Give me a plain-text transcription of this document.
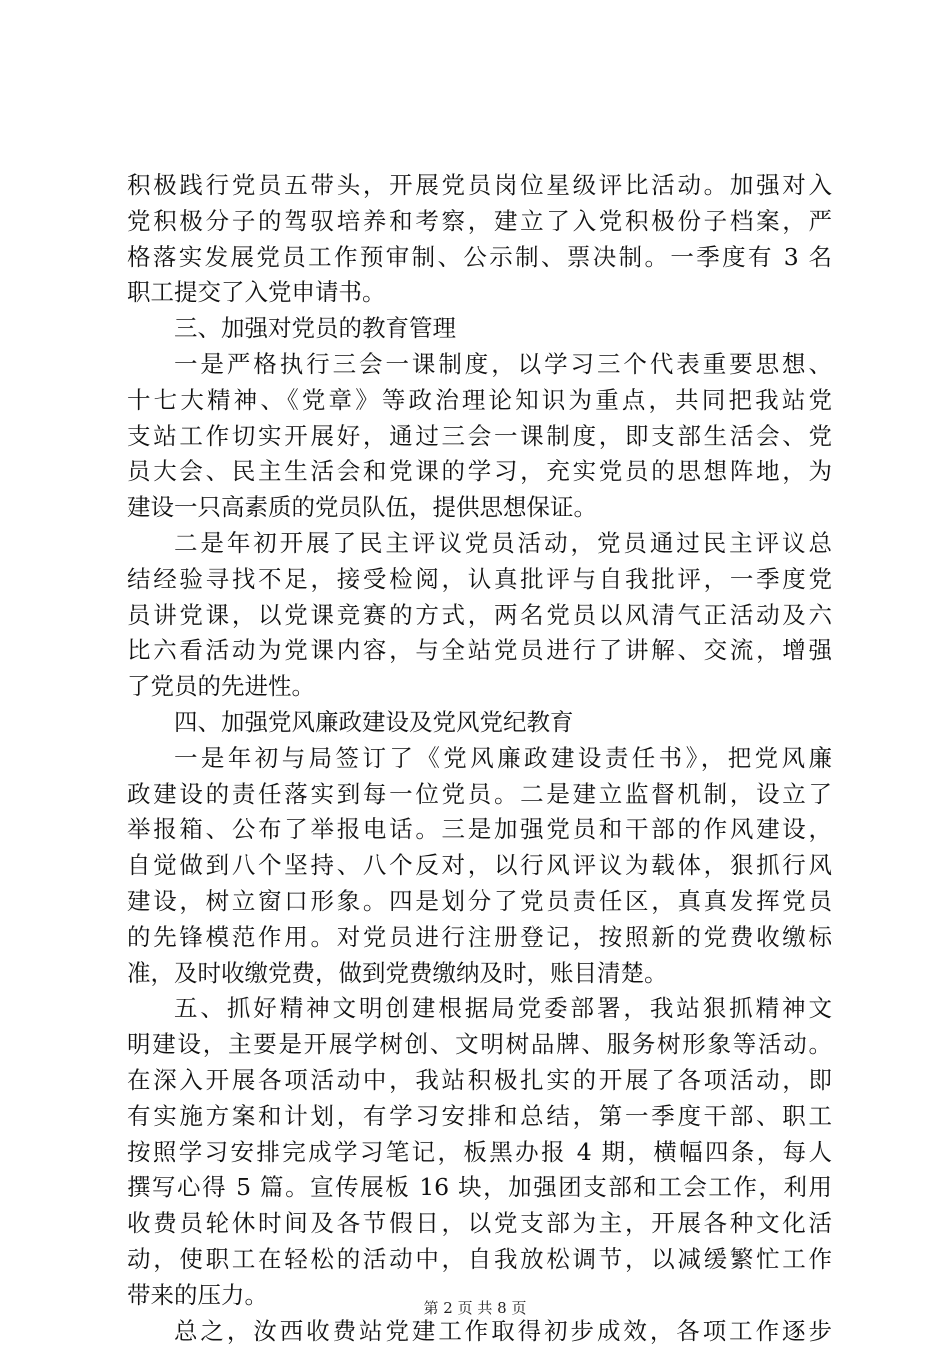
积极践行党员五带头，开展党员岗位星级评比活动。加强对入
党积极分子的驾驭培养和考察，建立了入党积极份子档案，严
格落实发展党员工作预审制、公示制、票决制。一季度有 3 名
职工提交了入党申请书。
三、加强对党员的教育管理
一是严格执行三会一课制度，以学习三个代表重要思想、
十七大精神、《党章》等政治理论知识为重点，共同把我站党
支站工作切实开展好，通过三会一课制度，即支部生活会、党
员大会、民主生活会和党课的学习，充实党员的思想阵地，为
建设一只高素质的党员队伍，提供思想保证。
二是年初开展了民主评议党员活动，党员通过民主评议总
结经验寻找不足，接受检阅，认真批评与自我批评，一季度党
员讲党课，以党课竞赛的方式，两名党员以风清气正活动及六
比六看活动为党课内容，与全站党员进行了讲解、交流，增强
了党员的先进性。
四、加强党风廉政建设及党风党纪教育
一是年初与局签订了《党风廉政建设责任书》，把党风廉
政建设的责任落实到每一位党员。二是建立监督机制，设立了
举报箱、公布了举报电话。三是加强党员和干部的作风建设，
自觉做到八个坚持、八个反对，以行风评议为载体，狠抓行风
建设，树立窗口形象。四是划分了党员责任区，真真发挥党员
的先锋模范作用。对党员进行注册登记，按照新的党费收缴标
准，及时收缴党费，做到党费缴纳及时，账目清楚。
五、抓好精神文明创建根据局党委部署，我站狠抓精神文
明建设，主要是开展学树创、文明树品牌、服务树形象等活动。
在深入开展各项活动中，我站积极扎实的开展了各项活动，即
有实施方案和计划，有学习安排和总结，第一季度干部、职工
按照学习安排完成学习笔记，板黑办报 4 期，横幅四条，每人
撰写心得 5 篇。宣传展板 16 块，加强团支部和工会工作，利用
收费员轮休时间及各节假日，以党支部为主，开展各种文化活
动，使职工在轻松的活动中，自我放松调节，以减缓繁忙工作
带来的压力。
总之，汝西收费站党建工作取得初步成效，各项工作逐步
第 2 页 共 8 页
